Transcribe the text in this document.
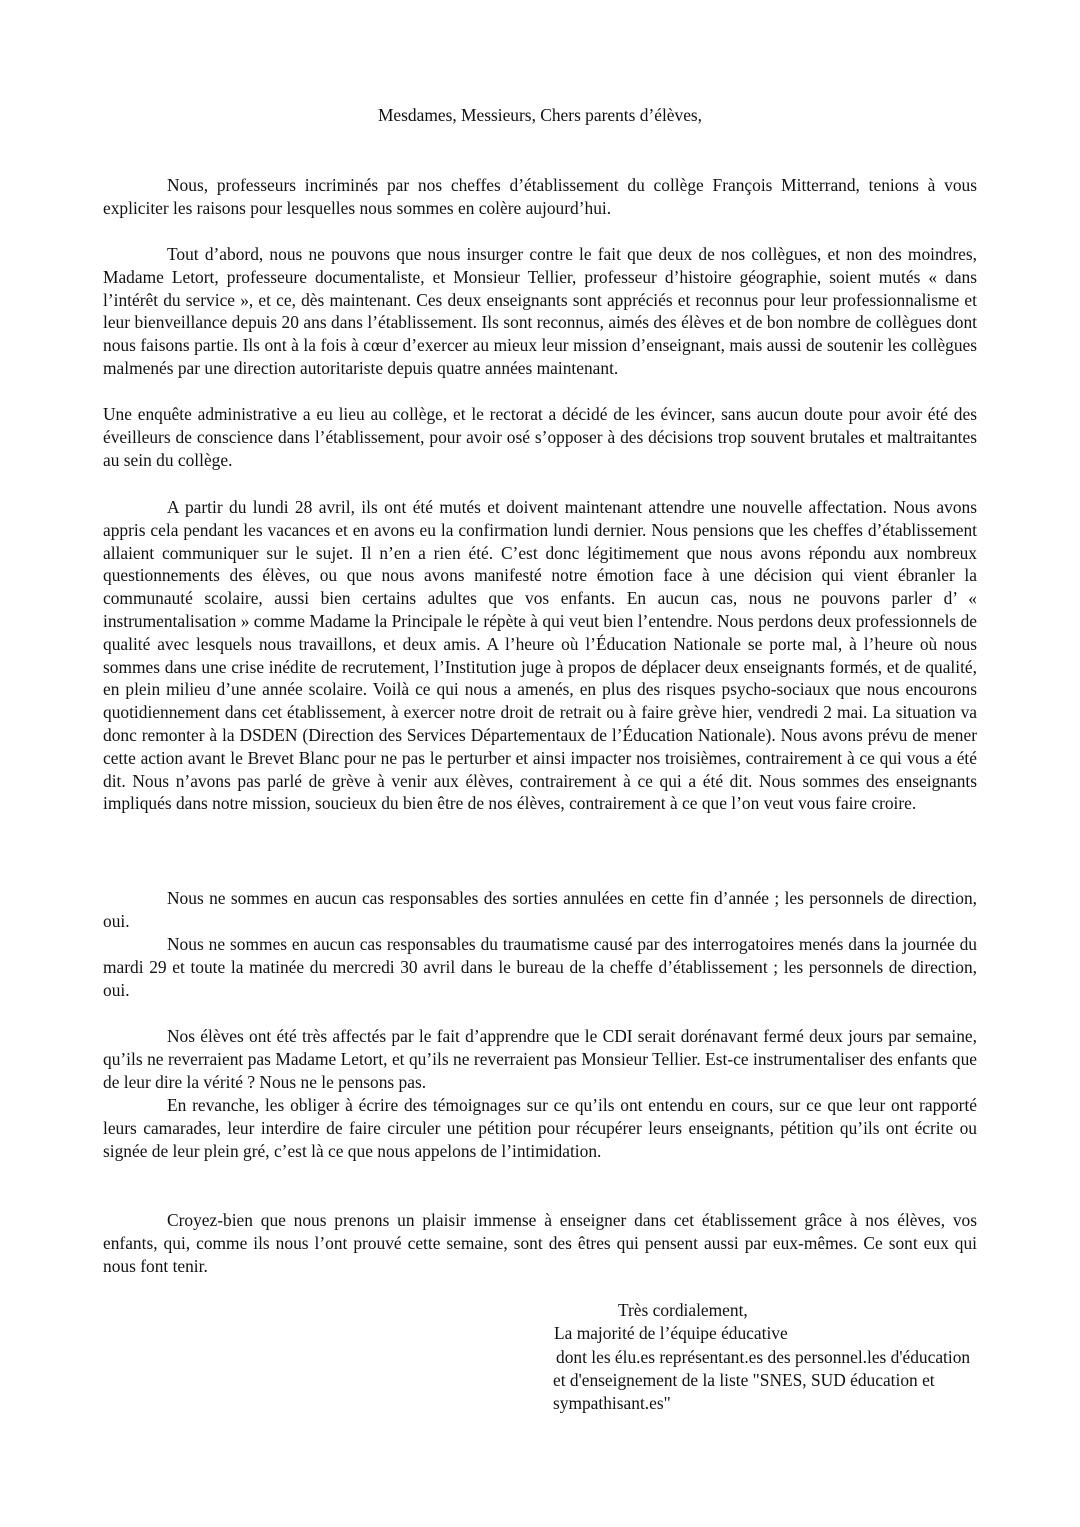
Mesdames, Messieurs, Chers parents d’élèves,

Nous, professeurs incriminés par nos cheffes d’établissement du collège François Mitterrand, tenions à vous expliciter les raisons pour lesquelles nous sommes en colère aujourd’hui.

Tout d’abord, nous ne pouvons que nous insurger contre le fait que deux de nos collègues, et non des moindres, Madame Letort, professeure documentaliste, et Monsieur Tellier, professeur d’histoire géographie, soient mutés « dans l’intérêt du service », et ce, dès maintenant. Ces deux enseignants sont appréciés et reconnus pour leur professionnalisme et leur bienveillance depuis 20 ans dans l’établissement. Ils sont reconnus, aimés des élèves et de bon nombre de collègues dont nous faisons partie. Ils ont à la fois à cœur d’exercer au mieux leur mission d’enseignant, mais aussi de soutenir les collègues malmenés par une direction autoritariste depuis quatre années maintenant.

Une enquête administrative a eu lieu au collège, et le rectorat a décidé de les évincer, sans aucun doute pour avoir été des éveilleurs de conscience dans l’établissement, pour avoir osé s’opposer à des décisions trop souvent brutales et maltraitantes au sein du collège.

A partir du lundi 28 avril, ils ont été mutés et doivent maintenant attendre une nouvelle affectation. Nous avons appris cela pendant les vacances et en avons eu la confirmation lundi dernier. Nous pensions que les cheffes d’établissement allaient communiquer sur le sujet. Il n’en a rien été. C’est donc légitimement que nous avons répondu aux nombreux questionnements des élèves, ou que nous avons manifesté notre émotion face à une décision qui vient ébranler la communauté scolaire, aussi bien certains adultes que vos enfants. En aucun cas, nous ne pouvons parler d’ « instrumentalisation » comme Madame la Principale le répète à qui veut bien l’entendre. Nous perdons deux professionnels de qualité avec lesquels nous travaillons, et deux amis. A l’heure où l’Éducation Nationale se porte mal, à l’heure où nous sommes dans une crise inédite de recrutement, l’Institution juge à propos de déplacer deux enseignants formés, et de qualité, en plein milieu d’une année scolaire. Voilà ce qui nous a amenés, en plus des risques psycho-sociaux que nous encourons quotidiennement dans cet établissement, à exercer notre droit de retrait ou à faire grève hier, vendredi 2 mai. La situation va donc remonter à la DSDEN (Direction des Services Départementaux de l’Éducation Nationale). Nous avons prévu de mener cette action avant le Brevet Blanc pour ne pas le perturber et ainsi impacter nos troisièmes, contrairement à ce qui vous a été dit. Nous n’avons pas parlé de grève à venir aux élèves, contrairement à ce qui a été dit. Nous sommes des enseignants impliqués dans notre mission, soucieux du bien être de nos élèves, contrairement à ce que l’on veut vous faire croire.

Nous ne sommes en aucun cas responsables des sorties annulées en cette fin d’année ; les personnels de direction, oui.

Nous ne sommes en aucun cas responsables du traumatisme causé par des interrogatoires menés dans la journée du mardi 29 et toute la matinée du mercredi 30 avril dans le bureau de la cheffe d’établissement ; les personnels de direction, oui.

Nos élèves ont été très affectés par le fait d’apprendre que le CDI serait dorénavant fermé deux jours par semaine, qu’ils ne reverraient pas Madame Letort, et qu’ils ne reverraient pas Monsieur Tellier. Est-ce instrumentaliser des enfants que de leur dire la vérité ? Nous ne le pensons pas.

En revanche, les obliger à écrire des témoignages sur ce qu’ils ont entendu en cours, sur ce que leur ont rapporté leurs camarades, leur interdire de faire circuler une pétition pour récupérer leurs enseignants, pétition qu’ils ont écrite ou signée de leur plein gré, c’est là ce que nous appelons de l’intimidation.

Croyez-bien que nous prenons un plaisir immense à enseigner dans cet établissement grâce à nos élèves, vos enfants, qui, comme ils nous l’ont prouvé cette semaine, sont des êtres qui pensent aussi par eux-mêmes. Ce sont eux qui nous font tenir.

Très cordialement,

La majorité de l’équipe éducative

dont les élu.es représentant.es des personnel.les d'éducation

et d'enseignement de la liste "SNES, SUD éducation et

sympathisant.es"
